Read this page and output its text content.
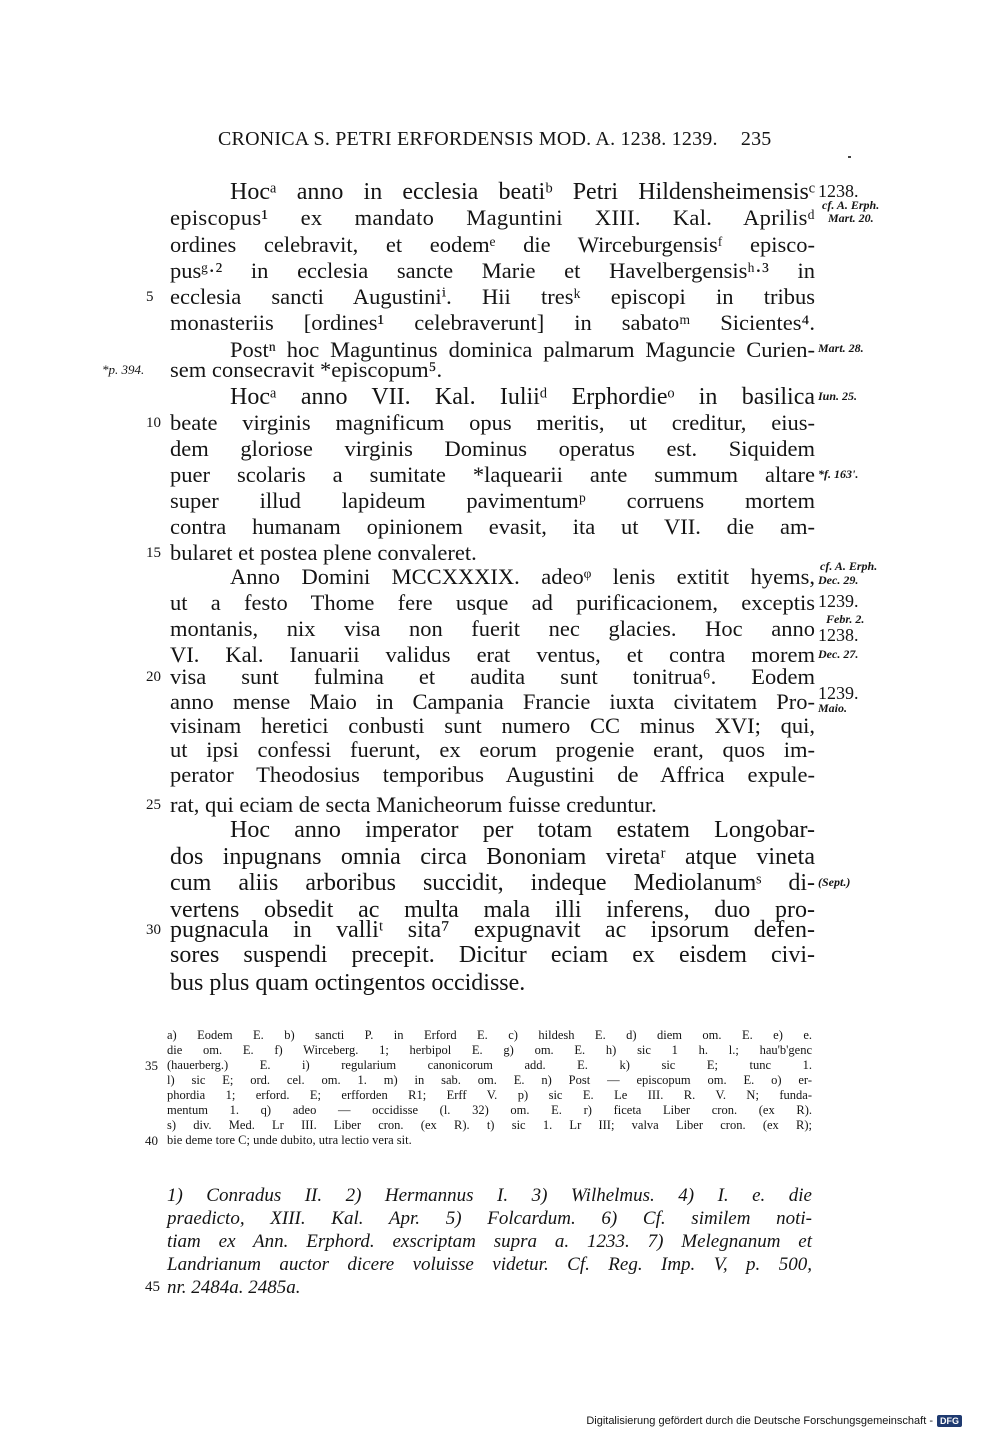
CRONICA S. PETRI ERFORDENSIS MOD. A. 1238. 1239. 235
Hocᵃ anno in ecclesia beatiᵇ Petri Hildensheimensisᶜ
episcopus¹ ex mandato Maguntini XIII. Kal. Aprilisᵈ
ordines celebravit, et eodemᵉ die Wirceburgensisᶠ episco-
pusᵍ·² in ecclesia sancte Marie et Havelbergensisʰ·³ in
ecclesia sancti Augustiniⁱ. Hii tresᵏ episcopi in tribus
monasteriis [ordines¹ celebraverunt] in sabatoᵐ Sicientes⁴.
Postⁿ hoc Maguntinus dominica palmarum Maguncie Curien-
sem consecravit *episcopum⁵.
Hocᵃ anno VII. Kal. Iuliiᵈ Erphordieᵒ in basilica
beate virginis magnificum opus meritis, ut creditur, eius-
dem gloriose virginis Dominus operatus est. Siquidem
puer scolaris a sumitate *laquearii ante summum altare
super illud lapideum pavimentumᵖ corruens mortem
contra humanam opinionem evasit, ita ut VII. die am-
bularet et postea plene convaleret.
Anno Domini MCCXXXIX. adeoᵠ lenis extitit hyems,
ut a festo Thome fere usque ad purificacionem, exceptis
montanis, nix visa non fuerit nec glacies. Hoc anno
VI. Kal. Ianuarii validus erat ventus, et contra morem
visa sunt fulmina et audita sunt tonitrua⁶. Eodem
anno mense Maio in Campania Francie iuxta civitatem Pro-
visinam heretici conbusti sunt numero CC minus XVI; qui,
ut ipsi confessi fuerunt, ex eorum progenie erant, quos im-
perator Theodosius temporibus Augustini de Affrica expule-
rat, qui eciam de secta Manicheorum fuisse creduntur.
Hoc anno imperator per totam estatem Longobar-
dos inpugnans omnia circa Bononiam viretaʳ atque vineta
cum aliis arboribus succidit, indeque Mediolanumˢ di-
vertens obsedit ac multa mala illi inferens, duo pro-
pugnacula in valliᵗ sita⁷ expugnavit ac ipsorum defen-
sores suspendi precepit. Dicitur eciam ex eisdem civi-
bus plus quam octingentos occidisse.
5
10
15
20
25
30
*p. 394.
1238.
cf. A. Erph.
Mart. 20.
Mart. 28.
Iun. 25.
*f. 163'.
cf. A. Erph.
Dec. 29.
1239.
Febr. 2.
1238.
Dec. 27.
1239.
Maio.
(Sept.)
a) Eodem E. b) sancti P. in Erford E. c) hildesh E. d) diem om. E. e) e.
die om. E. f) Wirceberg. 1; herbipol E. g) om. E. h) sic 1 h. l.; hau'b'genc
(hauerberg.) E. i) regularium canonicorum add. E. k) sic E; tunc 1.
l) sic E; ord. cel. om. 1. m) in sab. om. E. n) Post — episcopum om. E. o) er-
phordia 1; erford. E; erfforden R1; Erff V. p) sic E. Le III. R. V. N; funda-
mentum 1. q) adeo — occidisse (l. 32) om. E. r) ficeta Liber cron. (ex R).
s) div. Med. Lr III. Liber cron. (ex R). t) sic 1. Lr III; valva Liber cron. (ex R);
bie deme tore C; unde dubito, utra lectio vera sit.
35
40
1) Conradus II. 2) Hermannus I. 3) Wilhelmus. 4) I. e. die
praedicto, XIII. Kal. Apr. 5) Folcardum. 6) Cf. similem noti-
tiam ex Ann. Erphord. exscriptam supra a. 1233. 7) Melegnanum et
Landrianum auctor dicere voluisse videtur. Cf. Reg. Imp. V, p. 500,
nr. 2484a. 2485a.
45
Digitalisierung gefördert durch die Deutsche Forschungsgemeinschaft - DFG
